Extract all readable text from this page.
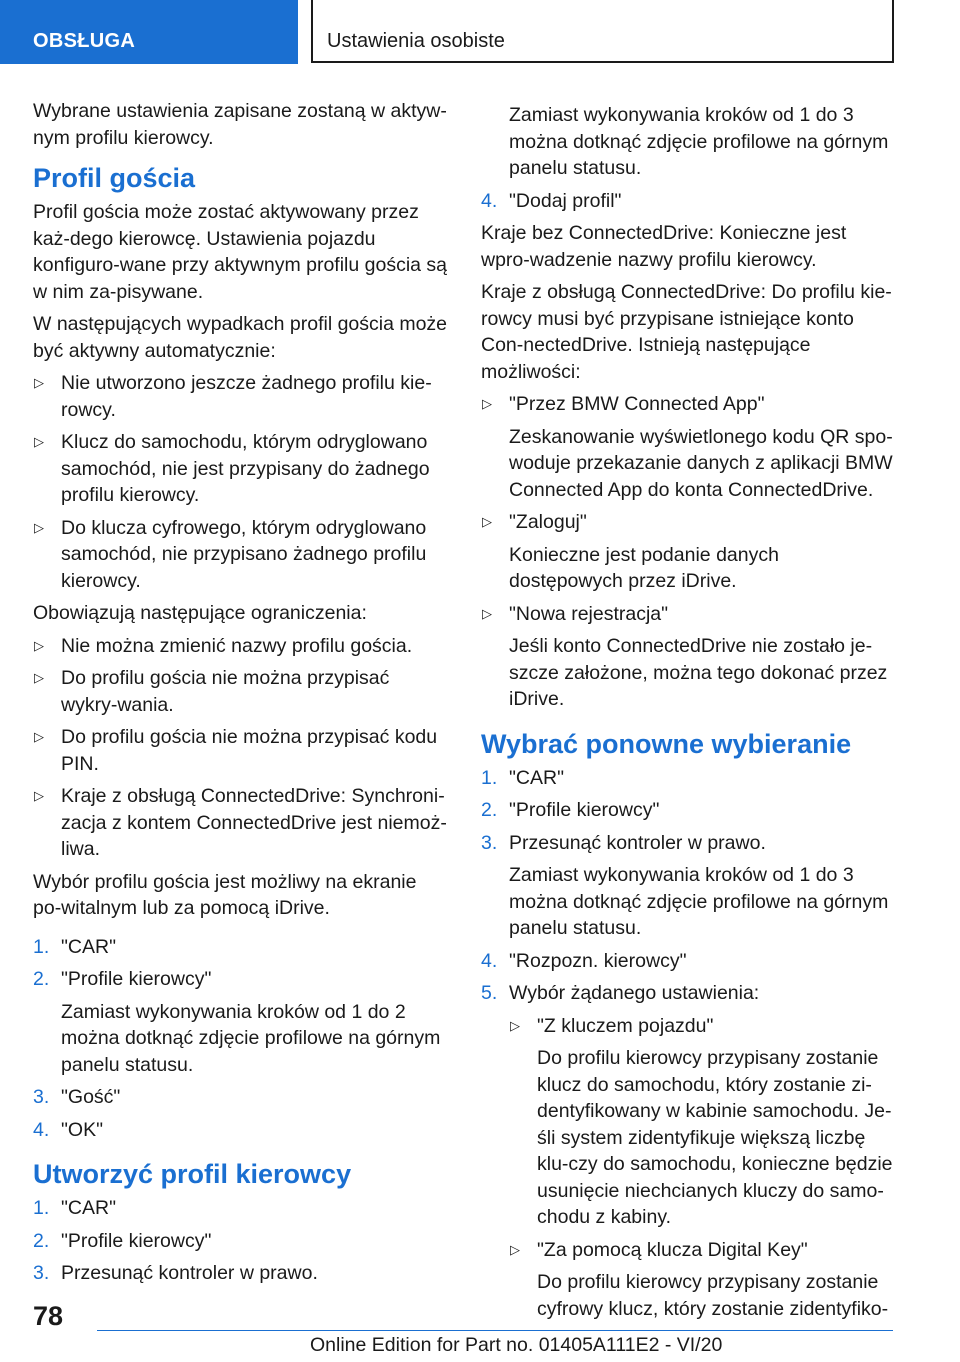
OBSŁUGA	Ustawienia osobiste

Wybrane ustawienia zapisane zostaną w aktyw-nym profilu kierowcy.

Profil gościa

Profil gościa może zostać aktywowany przez każ-dego kierowcę. Ustawienia pojazdu konfiguro-wane przy aktywnym profilu gościa są w nim za-pisywane.

W następujących wypadkach profil gościa może być aktywny automatycznie:

▷ Nie utworzono jeszcze żadnego profilu kie-rowcy.
▷ Klucz do samochodu, którym odryglowano samochód, nie jest przypisany do żadnego profilu kierowcy.
▷ Do klucza cyfrowego, którym odryglowano samochód, nie przypisano żadnego profilu kierowcy.

Obowiązują następujące ograniczenia:

▷ Nie można zmienić nazwy profilu gościa.
▷ Do profilu gościa nie można przypisać wykry-wania.
▷ Do profilu gościa nie można przypisać kodu PIN.
▷ Kraje z obsługą ConnectedDrive: Synchroni-zacja z kontem ConnectedDrive jest niemoż-liwa.

Wybór profilu gościa jest możliwy na ekranie po-witalnym lub za pomocą iDrive.

1. "CAR"
2. "Profile kierowcy"

Zamiast wykonywania kroków od 1 do 2 można dotknąć zdjęcie profilowe na górnym panelu statusu.

3. "Gość"
4. "OK"
Utworzyć profil kierowcy
1. "CAR"
2. "Profile kierowcy"
3. Przesunąć kontroler w prawo.

Zamiast wykonywania kroków od 1 do 3 można dotknąć zdjęcie profilowe na górnym panelu statusu.

4. "Dodaj profil"

Kraje bez ConnectedDrive: Konieczne jest wpro-wadzenie nazwy profilu kierowcy.

Kraje z obsługą ConnectedDrive: Do profilu kie-rowcy musi być przypisane istniejące konto Con-nectedDrive. Istnieją następujące możliwości:

▷ "Przez BMW Connected App"

Zeskanowanie wyświetlonego kodu QR spo-woduje przekazanie danych z aplikacji BMW Connected App do konta ConnectedDrive.

▷ "Zaloguj"

Konieczne jest podanie danych dostępowych przez iDrive.

▷ "Nowa rejestracja"

Jeśli konto ConnectedDrive nie zostało je-szcze założone, można tego dokonać przez iDrive.

Wybrać ponowne wybieranie
1. "CAR"
2. "Profile kierowcy"
3. Przesunąć kontroler w prawo.

Zamiast wykonywania kroków od 1 do 3 można dotknąć zdjęcie profilowe na górnym panelu statusu.

4. "Rozpozn. kierowcy"
5. Wybór żądanego ustawienia:
▷ "Z kluczem pojazdu"

Do profilu kierowcy przypisany zostanie klucz do samochodu, który zostanie zi-dentyfikowany w kabinie samochodu. Je-śli system zidentyfikuje większą liczbę klu-czy do samochodu, konieczne będzie usunięcie niechcianych kluczy do samo-chodu z kabiny.

▷ "Za pomocą klucza Digital Key"

Do profilu kierowcy przypisany zostanie cyfrowy klucz, który zostanie zidentyfiko-

78
Online Edition for Part no. 01405A111E2 - VI/20
